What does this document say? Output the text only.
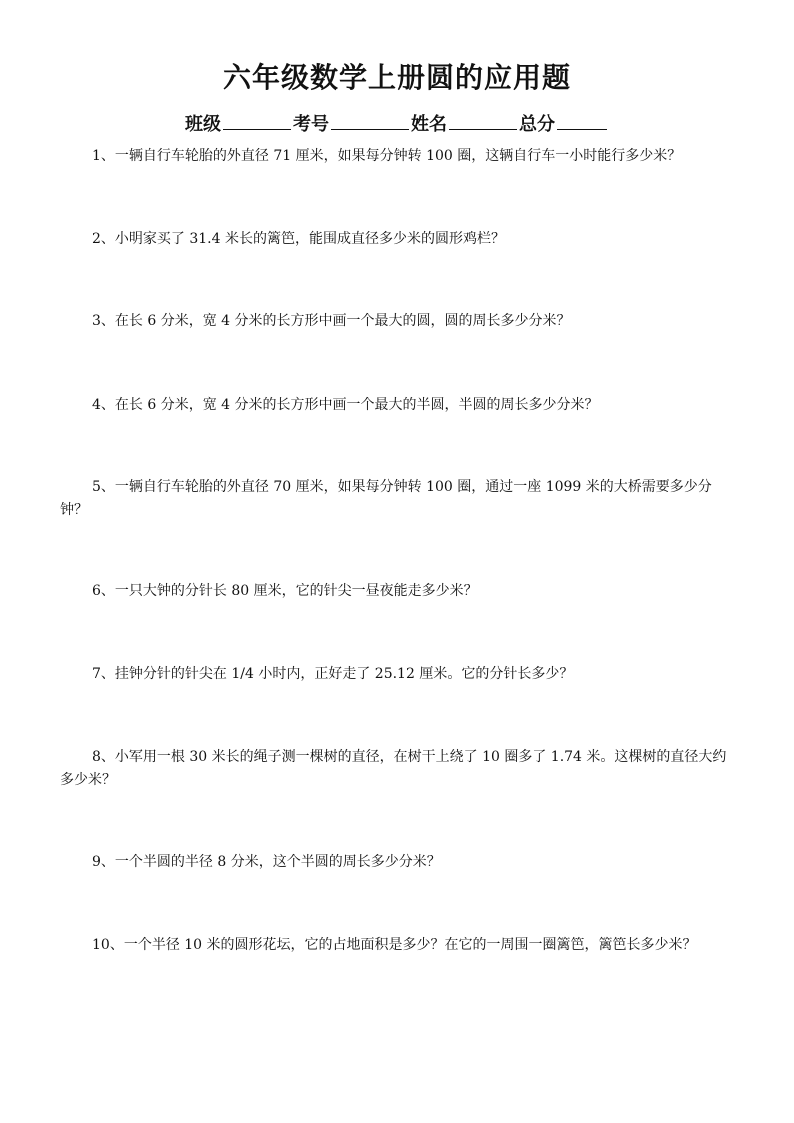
六年级数学上册圆的应用题
班级	考号	姓名	总分
1、一辆自行车轮胎的外直径 71 厘米，如果每分钟转 100 圈，这辆自行车一小时能行多少米？
2、小明家买了 31.4 米长的篱笆，能围成直径多少米的圆形鸡栏？
3、在长 6 分米，宽 4 分米的长方形中画一个最大的圆，圆的周长多少分米？
4、在长 6 分米，宽 4 分米的长方形中画一个最大的半圆，半圆的周长多少分米？
5、一辆自行车轮胎的外直径 70 厘米，如果每分钟转 100 圈，通过一座 1099 米的大桥需要多少分钟？
6、一只大钟的分针长 80 厘米，它的针尖一昼夜能走多少米？
7、挂钟分针的针尖在 1/4 小时内，正好走了 25.12 厘米。它的分针长多少？
8、小军用一根 30 米长的绳子测一棵树的直径，在树干上绕了 10 圈多了 1.74 米。这棵树的直径大约多少米？
9、一个半圆的半径 8 分米，这个半圆的周长多少分米？
10、一个半径 10 米的圆形花坛，它的占地面积是多少？在它的一周围一圈篱笆，篱笆长多少米？
